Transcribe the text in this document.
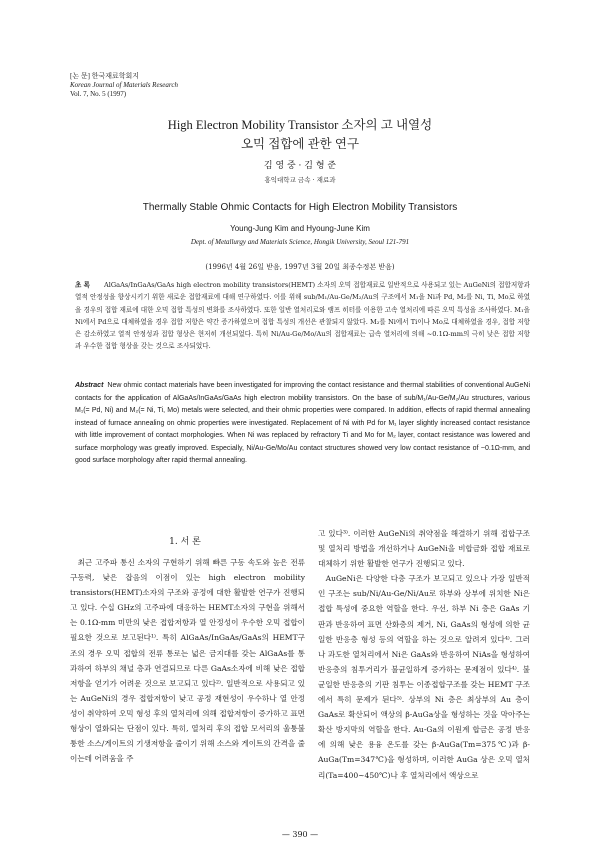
[논 문] 한국재료학회지
Korean Journal of Materials Research
Vol. 7, No. 5 (1997)
High Electron Mobility Transistor 소자의 고 내열성
오믹 접합에 관한 연구
김 영 중 · 김 형 준
홍익대학교 금속 · 재료과
Thermally Stable Ohmic Contacts for High Electron Mobility Transistors
Young-Jung Kim and Hyoung-June Kim
Dept. of Metallurgy and Materials Science, Hongik University, Seoul 121-791
(1996년 4월 26일 받음, 1997년 3월 20일 최종수정본 받음)
초 록 AlGaAs/InGaAs/GaAs high electron mobility transistors(HEMT) 소자의 오믹 접합재료로 일반적으로 사용되고 있는 AuGeNi의 접합저항과 열적 안정성을 향상시키기 위한 새로운 접합재료에 대해 연구하였다. 이를 위해 sub/M₁/Au-Ge/M₂/Au의 구조에서 M₁을 Ni과 Pd, M₂를 Ni, Ti, Mo로 하였을 경우의 접합 재료에 대한 오믹 접합 특성의 변화를 조사하였다. 또한 일반 열처리로와 램프 히터를 이용한 고속 열처리에 따른 오믹 특성을 조사하였다. M₁을 Ni에서 Pd으로 대체하였을 경우 접합 저항은 약간 증가하였으며 접합 특성의 개선은 관찰되지 않았다. M₂를 Ni에서 Ti이나 Mo로 대체하였을 경우, 접합 저항은 감소하였고 열적 안정성과 접합 형상은 현저히 개선되었다. 특히 Ni/Au-Ge/Mo/Au의 접합재료는 급속 열처리에 의해 ~0.1Ω-mm의 극히 낮은 접합 저항과 우수한 접합 형상을 갖는 것으로 조사되었다.
Abstract New ohmic contact materials have been investigated for improving the contact resistance and thermal stabilities of conventional AuGeNi contacts for the application of AlGaAs/InGaAs/GaAs high electron mobility transistors. On the base of sub/M₁/Au-Ge/M₂/Au structures, various M₁(= Pd, Ni) and M₂(= Ni, Ti, Mo) metals were selected, and their ohmic properties were compared. In addition, effects of rapid thermal annealing instead of furnace annealing on ohmic properties were investigated. Replacement of Ni with Pd for M₁ layer slightly increased contact resistance with little improvement of contact morphologies. When Ni was replaced by refractory Ti and Mo for M₂ layer, contact resistance was lowered and surface morphology was greatly improved. Especially, Ni/Au-Ge/Mo/Au contact structures showed very low contact resistance of ~0.1Ω-mm, and good surface morphology after rapid thermal annealing.
1. 서 론

최근 고주파 통신 소자의 구현하기 위해 빠른 구동 속도와 높은 전류 구동력, 낮은 잡음의 이점이 있는 high electron mobility transistors(HEMT)소자의 구조와 공정에 대한 활발한 연구가 진행되고 있다. 수십 GHz의 고주파에 대응하는 HEMT소자의 구현을 위해서는 0.1Ω-mm 미만의 낮은 접합저항과 열 안정성이 우수한 오믹 접합이 필요한 것으로 보고된다¹⁾. 특히 AlGaAs/InGaAs/GaAs의 HEMT구조의 경우 오믹 접합의 전류 통로는 넓은 금지대를 갖는 AlGaAs를 통과하여 하부의 채널 층과 연결되므로 다른 GaAs소자에 비해 낮은 접합저항을 얻기가 어려운 것으로 보고되고 있다²⁾. 일반적으로 사용되고 있는 AuGeNi의 경우 접합저항이 낮고 공정 재현성이 우수하나 열 안정성이 취약하여 오믹 형성 후의 열처리에 의해 접합저항이 증가하고 표면 형상이 열화되는 단점이 있다. 특히, 열처리 후의 접합 모서리의 울퉁불퉁한 소스/게이트의 기생저항을 줄이기 위해 소스와 게이트의 간격을 줄이는데 어려움을 주

고 있다³⁾. 이러한 AuGeNi의 취약점을 해결하기 위해 접합구조 및 열처리 방법을 개선하거나 AuGeNi을 비합금화 접합 재료로 대체하기 위한 활발한 연구가 진행되고 있다.

AuGeNi은 다양한 다층 구조가 보고되고 있으나 가장 일반적인 구조는 sub/Ni/Au-Ge/Ni/Au로 하부와 상부에 위치한 Ni은 접합 특성에 중요한 역할을 한다. 우선, 하부 Ni 층은 GaAs 기판과 반응하여 표면 산화층의 제거, Ni, GaAs의 형성에 의한 균일한 반응층 형성 등의 역할을 하는 것으로 알려져 있다⁴⁾. 그러나 과도한 열처리에서 Ni은 GaAs와 반응하여 NiAs을 형성하여 반응층의 침투거리가 불균일하게 증가하는 문제점이 있다⁴⁾. 불균일한 반응층의 기판 침투는 이종접합구조를 갖는 HEMT 구조에서 특히 문제가 된다⁵⁾. 상부의 Ni 층은 최상부의 Au 층이 GaAs로 확산되어 액상의 β-AuGa상을 형성하는 것을 막아주는 확산 방지막의 역할을 한다. Au-Ga의 이원계 합금은 공정 반응에 의해 낮은 용융 온도를 갖는 β-AuGa(Tm=375℃)과 β-AuGa(Tm=347℃)을 형성하며, 이러한 AuGa 상은 오믹 열처리(Ta=400~450℃)나 후 열처리에서 액상으로

— 390 —
